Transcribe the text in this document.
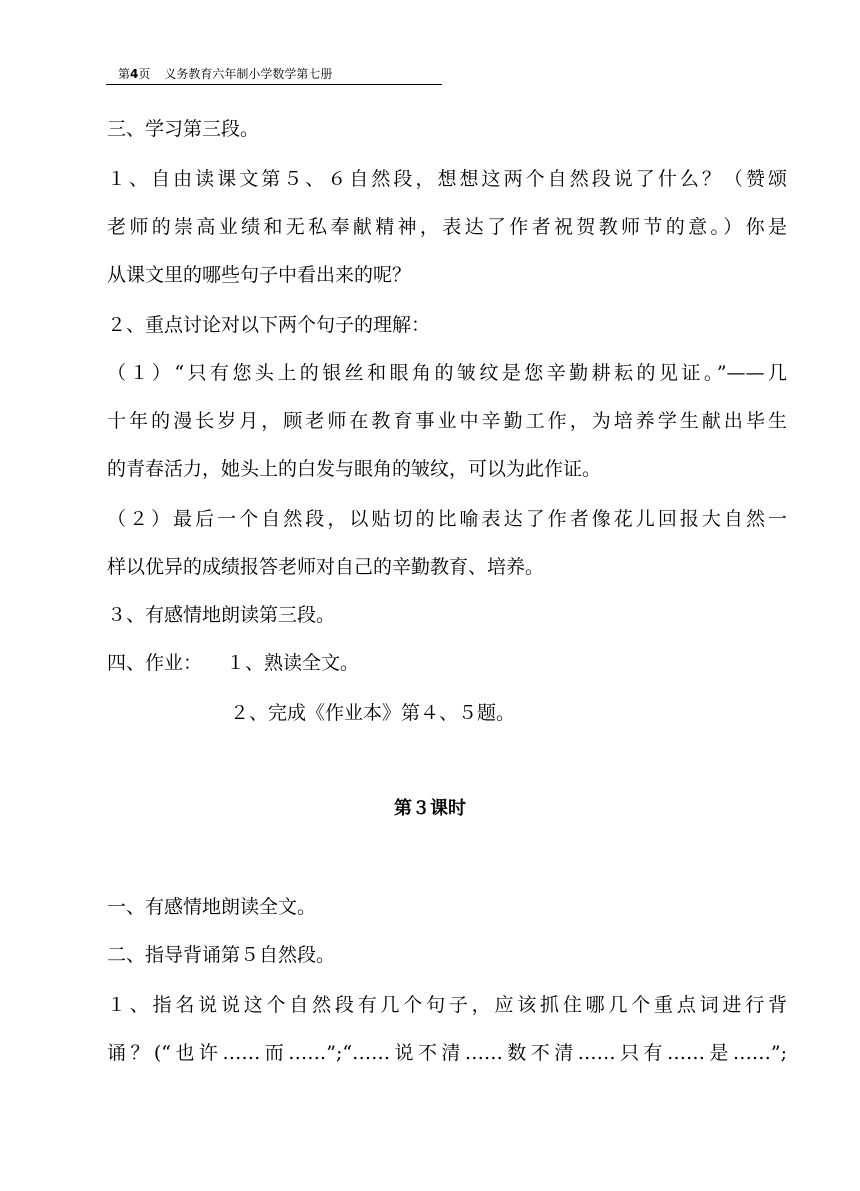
第4页 义务教育六年制小学数学第七册
三、学习第三段。
１、自由读课文第５、６自然段，想想这两个自然段说了什么？（赞颂
老师的崇高业绩和无私奉献精神，表达了作者祝贺教师节的意。）你是
从课文里的哪些句子中看出来的呢？
２、重点讨论对以下两个句子的理解：
（１）“只有您头上的银丝和眼角的皱纹是您辛勤耕耘的见证。”——几
十年的漫长岁月，顾老师在教育事业中辛勤工作，为培养学生献出毕生
的青春活力，她头上的白发与眼角的皱纹，可以为此作证。
（２）最后一个自然段，以贴切的比喻表达了作者像花儿回报大自然一
样以优异的成绩报答老师对自己的辛勤教育、培养。
３、有感情地朗读第三段。
四、作业： １、熟读全文。
２、完成《作业本》第４、５题。
第３课时
一、有感情地朗读全文。
二、指导背诵第５自然段。
１、指名说说这个自然段有几个句子，应该抓住哪几个重点词进行背
诵？(“也许……而……”;“……说不清……数不清……只有……是……”;
